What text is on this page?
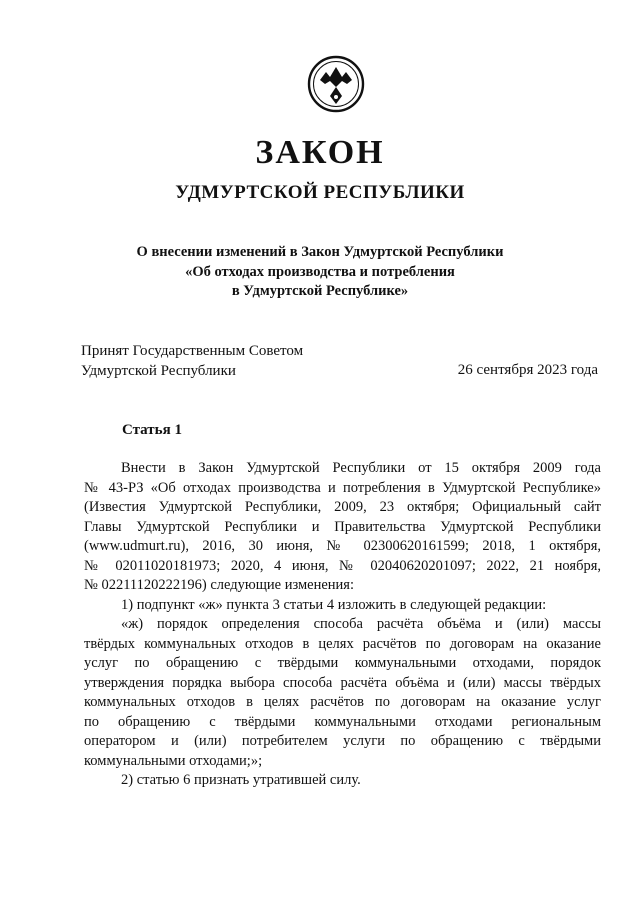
ЗАКОН
УДМУРТСКОЙ РЕСПУБЛИКИ
О внесении изменений в Закон Удмуртской Республики
«Об отходах производства и потребления
в Удмуртской Республике»
Принят Государственным Советом
Удмуртской Республики	26 сентября 2023 года
Статья 1
Внести в Закон Удмуртской Республики от 15 октября 2009 года
№ 43-РЗ «Об отходах производства и потребления в Удмуртской Республике»
(Известия Удмуртской Республики, 2009, 23 октября; Официальный сайт
Главы Удмуртской Республики и Правительства Удмуртской Республики
(www.udmurt.ru), 2016, 30 июня, № 02300620161599; 2018, 1 октября,
№ 02011020181973; 2020, 4 июня, № 02040620201097; 2022, 21 ноября,
№ 02211120222196) следующие изменения:
1) подпункт «ж» пункта 3 статьи 4 изложить в следующей редакции:
«ж) порядок определения способа расчёта объёма и (или) массы
твёрдых коммунальных отходов в целях расчётов по договорам на оказание
услуг по обращению с твёрдыми коммунальными отходами, порядок
утверждения порядка выбора способа расчёта объёма и (или) массы твёрдых
коммунальных отходов в целях расчётов по договорам на оказание услуг
по обращению с твёрдыми коммунальными отходами региональным
оператором и (или) потребителем услуги по обращению с твёрдыми
коммунальными отходами;»;
2) статью 6 признать утратившей силу.
